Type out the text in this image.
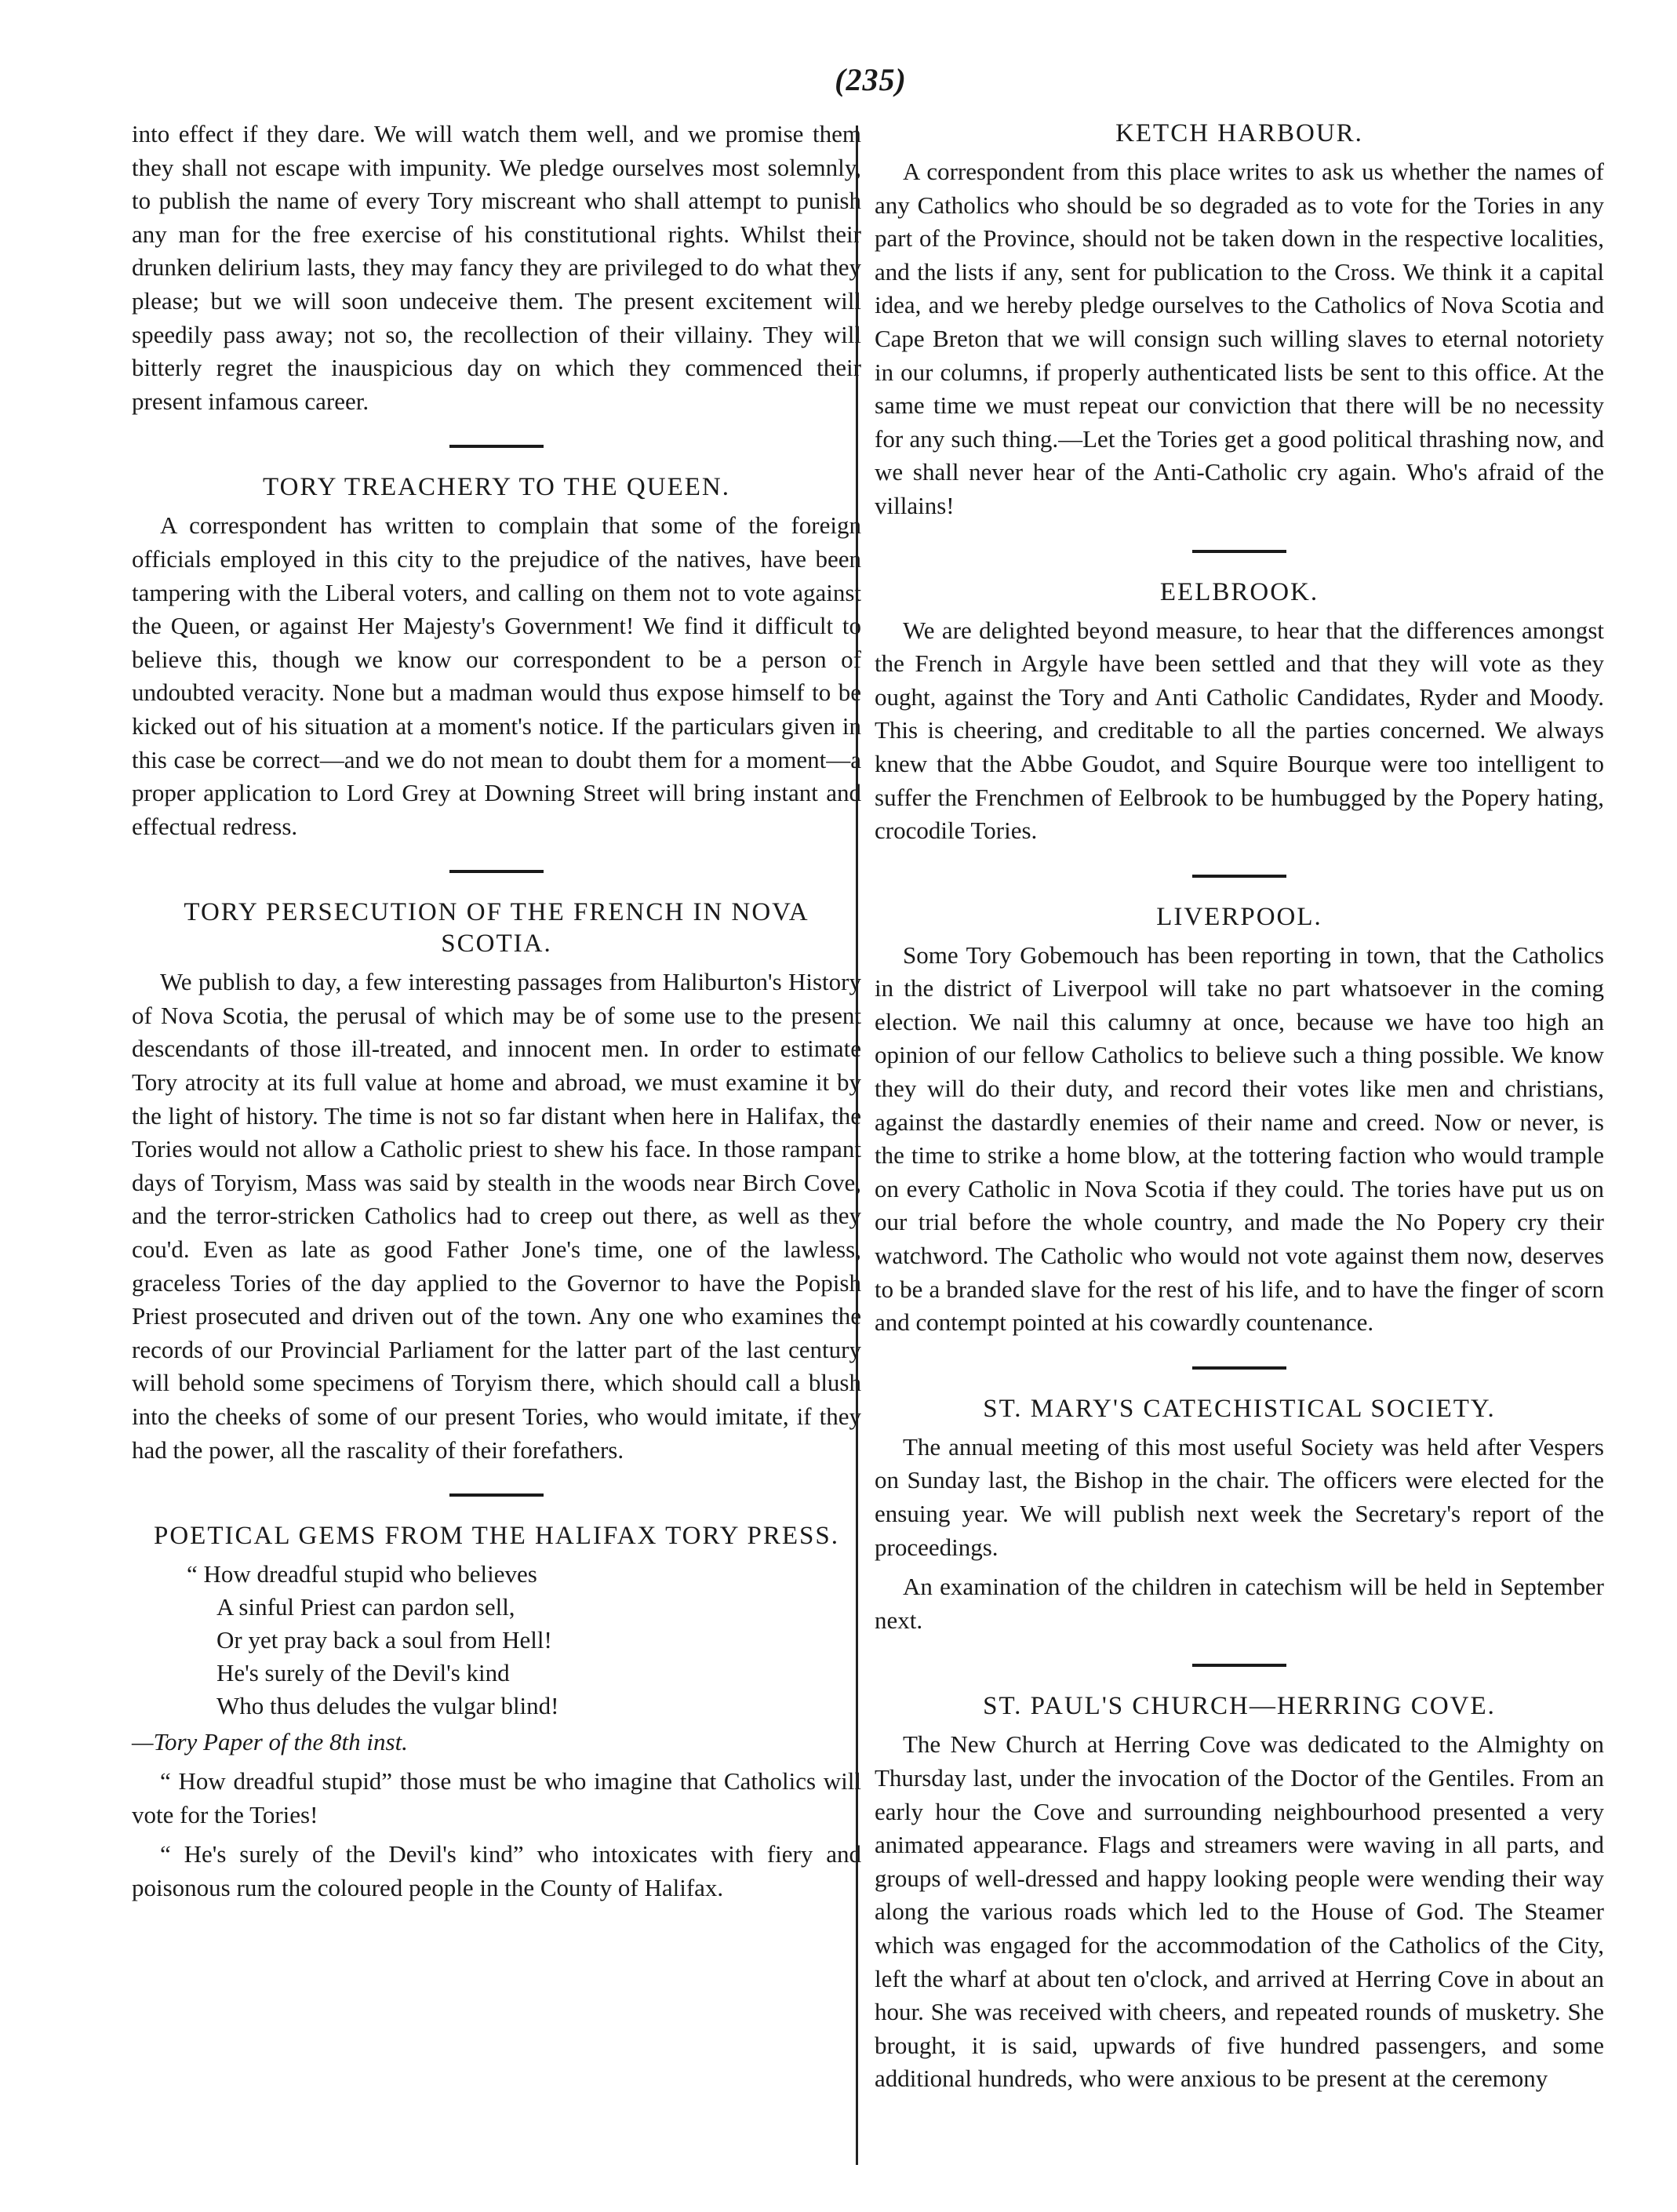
(235)

into effect if they dare. We will watch them well, and we promise them they shall not escape with impunity. We pledge ourselves most solemnly, to publish the name of every Tory miscreant who shall attempt to punish any man for the free exercise of his constitutional rights. Whilst their drunken delirium lasts, they may fancy they are privileged to do what they please; but we will soon undeceive them. The present excitement will speedily pass away; not so, the recollection of their villainy. They will bitterly regret the inauspicious day on which they commenced their present infamous career.

TORY TREACHERY TO THE QUEEN.

A correspondent has written to complain that some of the foreign officials employed in this city to the prejudice of the natives, have been tampering with the Liberal voters, and calling on them not to vote against the Queen, or against Her Majesty's Government! We find it difficult to believe this, though we know our correspondent to be a person of undoubted veracity. None but a madman would thus expose himself to be kicked out of his situation at a moment's notice. If the particulars given in this case be correct—and we do not mean to doubt them for a moment—a proper application to Lord Grey at Downing Street will bring instant and effectual redress.

TORY PERSECUTION OF THE FRENCH IN NOVA SCOTIA.

We publish to day, a few interesting passages from Haliburton's History of Nova Scotia, the perusal of which may be of some use to the present descendants of those ill-treated, and innocent men. In order to estimate Tory atrocity at its full value at home and abroad, we must examine it by the light of history. The time is not so far distant when here in Halifax, the Tories would not allow a Catholic priest to shew his face. In those rampant days of Toryism, Mass was said by stealth in the woods near Birch Cove, and the terror-stricken Catholics had to creep out there, as well as they cou'd. Even as late as good Father Jone's time, one of the lawless, graceless Tories of the day applied to the Governor to have the Popish Priest prosecuted and driven out of the town. Any one who examines the records of our Provincial Parliament for the latter part of the last century will behold some specimens of Toryism there, which should call a blush into the cheeks of some of our present Tories, who would imitate, if they had the power, all the rascality of their forefathers.

POETICAL GEMS FROM THE HALIFAX TORY PRESS.
“ How dreadful stupid who believes
A sinful Priest can pardon sell,
Or yet pray back a soul from Hell!
He's surely of the Devil's kind
Who thus deludes the vulgar blind!
—Tory Paper of the 8th inst.

“ How dreadful stupid” those must be who imagine that Catholics will vote for the Tories!

“ He's surely of the Devil's kind” who intoxicates with fiery and poisonous rum the coloured people in the County of Halifax.

KETCH HARBOUR.

A correspondent from this place writes to ask us whether the names of any Catholics who should be so degraded as to vote for the Tories in any part of the Province, should not be taken down in the respective localities, and the lists if any, sent for publication to the Cross. We think it a capital idea, and we hereby pledge ourselves to the Catholics of Nova Scotia and Cape Breton that we will consign such willing slaves to eternal notoriety in our columns, if properly authenticated lists be sent to this office. At the same time we must repeat our conviction that there will be no necessity for any such thing.—Let the Tories get a good political thrashing now, and we shall never hear of the Anti-Catholic cry again. Who's afraid of the villains!

EELBROOK.

We are delighted beyond measure, to hear that the differences amongst the French in Argyle have been settled and that they will vote as they ought, against the Tory and Anti Catholic Candidates, Ryder and Moody. This is cheering, and creditable to all the parties concerned. We always knew that the Abbe Goudot, and Squire Bourque were too intelligent to suffer the Frenchmen of Eelbrook to be humbugged by the Popery hating, crocodile Tories.

LIVERPOOL.

Some Tory Gobemouch has been reporting in town, that the Catholics in the district of Liverpool will take no part whatsoever in the coming election. We nail this calumny at once, because we have too high an opinion of our fellow Catholics to believe such a thing possible. We know they will do their duty, and record their votes like men and christians, against the dastardly enemies of their name and creed. Now or never, is the time to strike a home blow, at the tottering faction who would trample on every Catholic in Nova Scotia if they could. The tories have put us on our trial before the whole country, and made the No Popery cry their watchword. The Catholic who would not vote against them now, deserves to be a branded slave for the rest of his life, and to have the finger of scorn and contempt pointed at his cowardly countenance.

ST. MARY'S CATECHISTICAL SOCIETY.

The annual meeting of this most useful Society was held after Vespers on Sunday last, the Bishop in the chair. The officers were elected for the ensuing year. We will publish next week the Secretary's report of the proceedings.

An examination of the children in catechism will be held in September next.

ST. PAUL'S CHURCH—HERRING COVE.

The New Church at Herring Cove was dedicated to the Almighty on Thursday last, under the invocation of the Doctor of the Gentiles. From an early hour the Cove and surrounding neighbourhood presented a very animated appearance. Flags and streamers were waving in all parts, and groups of well-dressed and happy looking people were wending their way along the various roads which led to the House of God. The Steamer which was engaged for the accommodation of the Catholics of the City, left the wharf at about ten o'clock, and arrived at Herring Cove in about an hour. She was received with cheers, and repeated rounds of musketry. She brought, it is said, upwards of five hundred passengers, and some additional hundreds, who were anxious to be present at the ceremony
